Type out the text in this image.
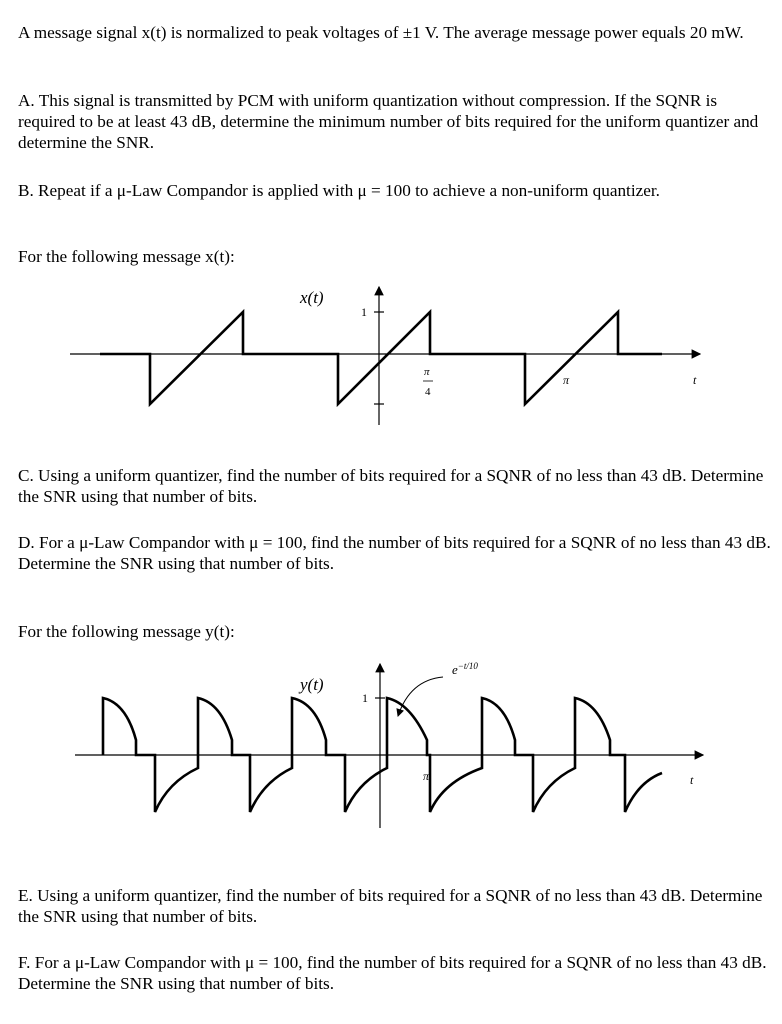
A message signal x(t) is normalized to peak voltages of ±1 V. The average message power equals 20 mW.

A. This signal is transmitted by PCM with uniform quantization without compression. If the SQNR is required to be at least 43 dB, determine the minimum number of bits required for the uniform quantizer and determine the SNR.

B. Repeat if a μ-Law Compandor is applied with μ = 100 to achieve a non-uniform quantizer.

For the following message x(t):

x(t)
1
π
4
π	t

C. Using a uniform quantizer, find the number of bits required for a SQNR of no less than 43 dB. Determine the SNR using that number of bits.

D. For a μ-Law Compandor with μ = 100, find the number of bits required for a SQNR of no less than 43 dB. Determine the SNR using that number of bits.

For the following message y(t):

y(t)
1
$e^{-t/10}$
π	t

E. Using a uniform quantizer, find the number of bits required for a SQNR of no less than 43 dB. Determine the SNR using that number of bits.

F. For a μ-Law Compandor with μ = 100, find the number of bits required for a SQNR of no less than 43 dB. Determine the SNR using that number of bits.
